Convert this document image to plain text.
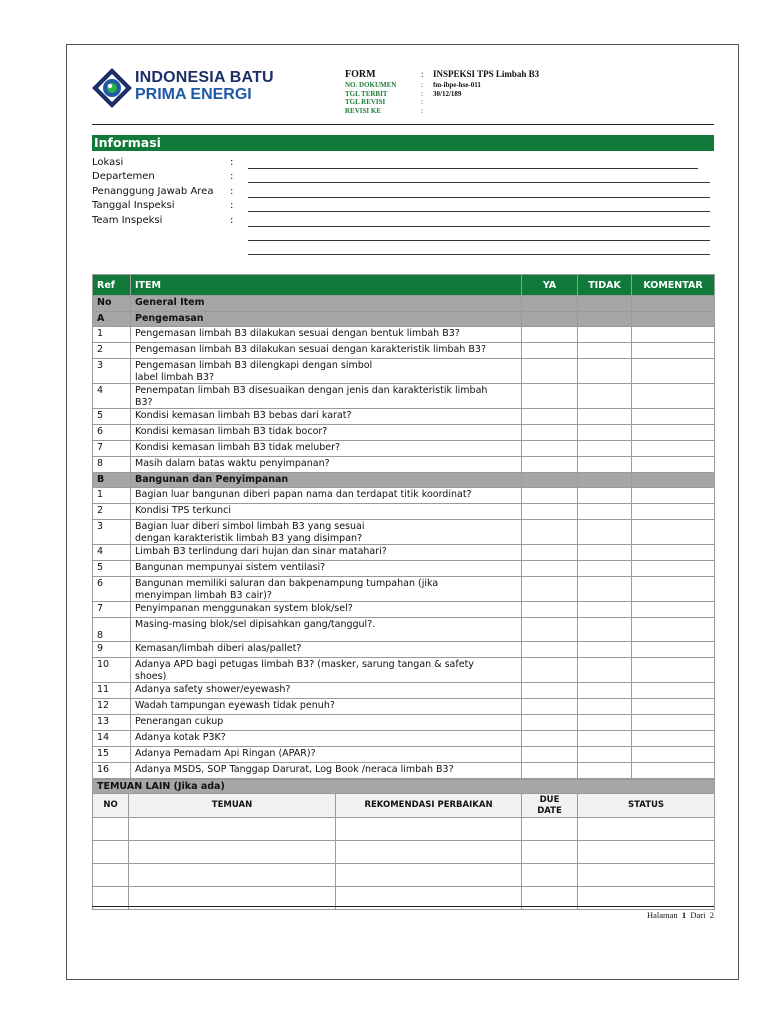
INDONESIA BATU
PRIMA ENERGI
FORM	:	INSPEKSI TPS Limbah B3
NO. DOKUMEN	:	fm-ibpe-hse-011
TGL TERBIT	:	30/12/189
TGL REVISI	:
REVISI KE	:
Informasi
Lokasi	:
Departemen	:
Penanggung Jawab Area :
Tanggal Inspeksi	:
Team Inspeksi	:
Ref	ITEM	YA	TIDAK	KOMENTAR
No	General Item			
A	Pengemasan			
1	Pengemasan limbah B3 dilakukan sesuai dengan bentuk limbah B3?			
2	Pengemasan limbah B3 dilakukan sesuai dengan karakteristik limbah B3?			
3	Pengemasan limbah B3 dilengkapi dengan simbol
label limbah B3?			
4	Penempatan limbah B3 disesuaikan dengan jenis dan karakteristik limbah
B3?			
5	Kondisi kemasan limbah B3 bebas dari karat?			
6	Kondisi kemasan limbah B3 tidak bocor?			
7	Kondisi kemasan limbah B3 tidak meluber?			
8	Masih dalam batas waktu penyimpanan?			
B	Bangunan dan Penyimpanan			
1	Bagian luar bangunan diberi papan nama dan terdapat titik koordinat?			
2	Kondisi TPS terkunci			
3	Bagian luar diberi simbol limbah B3 yang sesuai
dengan karakteristik limbah B3 yang disimpan?			
4	Limbah B3 terlindung dari hujan dan sinar matahari?			
5	Bangunan mempunyai sistem ventilasi?			
6	Bangunan memiliki saluran dan bakpenampung tumpahan (jika
menyimpan limbah B3 cair)?			
7	Penyimpanan menggunakan system blok/sel?			
8	Masing-masing blok/sel dipisahkan gang/tanggul?.			
9	Kemasan/limbah diberi alas/pallet?			
10	Adanya APD bagi petugas limbah B3? (masker, sarung tangan & safety
shoes)			
11	Adanya safety shower/eyewash?			
12	Wadah tampungan eyewash tidak penuh?			
13	Penerangan cukup			
14	Adanya kotak P3K?			
15	Adanya Pemadam Api Ringan (APAR)?			
16	Adanya MSDS, SOP Tanggap Darurat, Log Book /neraca limbah B3?			
TEMUAN LAIN (Jika ada)				
NO	TEMUAN	REKOMENDASI PERBAIKAN	DUE
DATE	STATUS

Halaman 1 Dari 2
